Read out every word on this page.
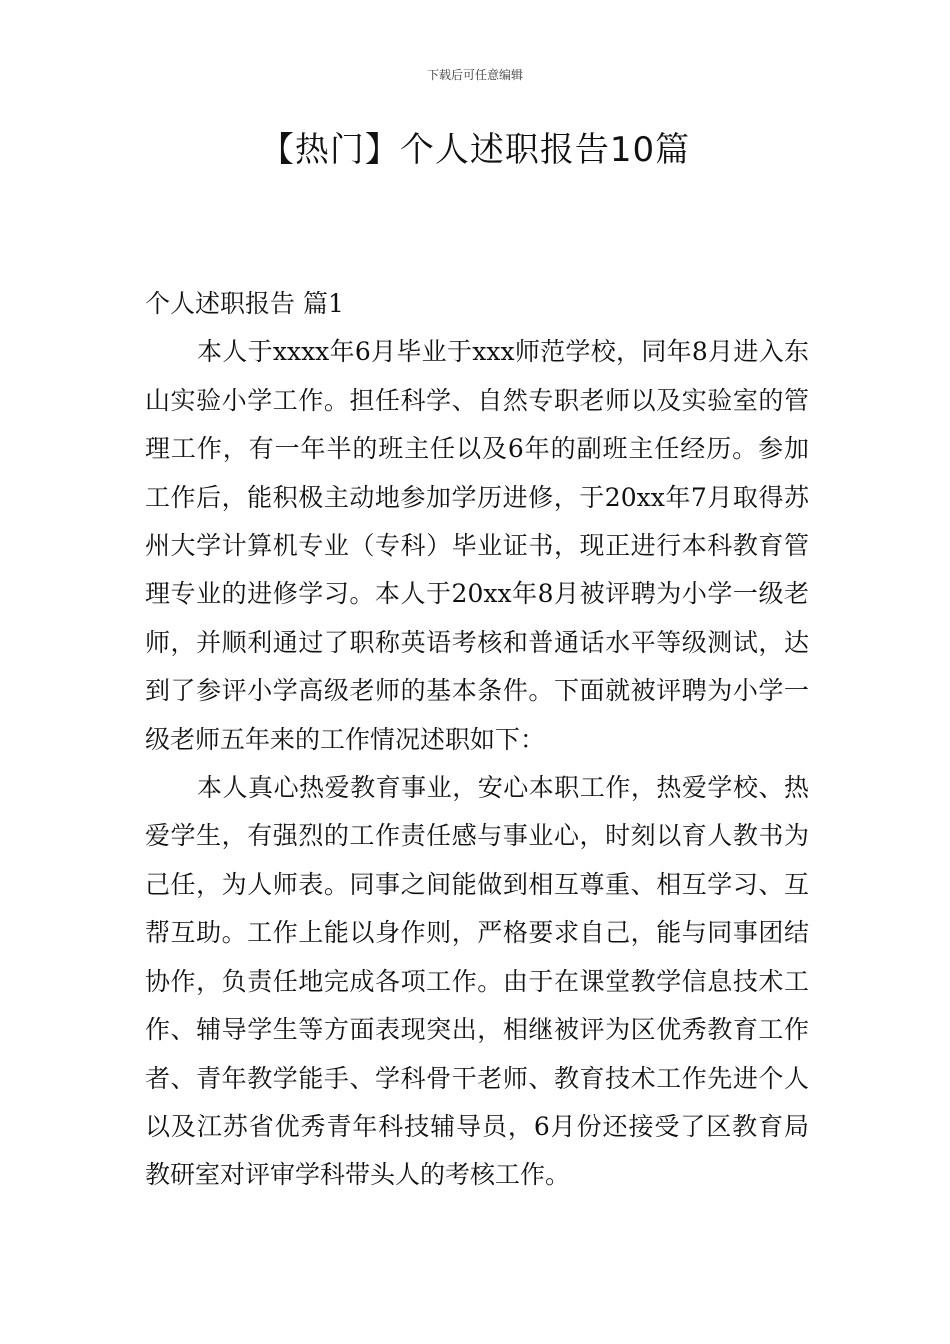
下载后可任意编辑
【热门】个人述职报告10篇

个人述职报告 篇1

本人于xxxx年6月毕业于xxx师范学校，同年8月进入东山实验小学工作。担任科学、自然专职老师以及实验室的管理工作，有一年半的班主任以及6年的副班主任经历。参加工作后，能积极主动地参加学历进修，于20xx年7月取得苏州大学计算机专业（专科）毕业证书，现正进行本科教育管理专业的进修学习。本人于20xx年8月被评聘为小学一级老师，并顺利通过了职称英语考核和普通话水平等级测试，达到了参评小学高级老师的基本条件。下面就被评聘为小学一级老师五年来的工作情况述职如下：

本人真心热爱教育事业，安心本职工作，热爱学校、热爱学生，有强烈的工作责任感与事业心，时刻以育人教书为己任，为人师表。同事之间能做到相互尊重、相互学习、互帮互助。工作上能以身作则，严格要求自己，能与同事团结协作，负责任地完成各项工作。由于在课堂教学信息技术工作、辅导学生等方面表现突出，相继被评为区优秀教育工作者、青年教学能手、学科骨干老师、教育技术工作先进个人以及江苏省优秀青年科技辅导员，6月份还接受了区教育局教研室对评审学科带头人的考核工作。
